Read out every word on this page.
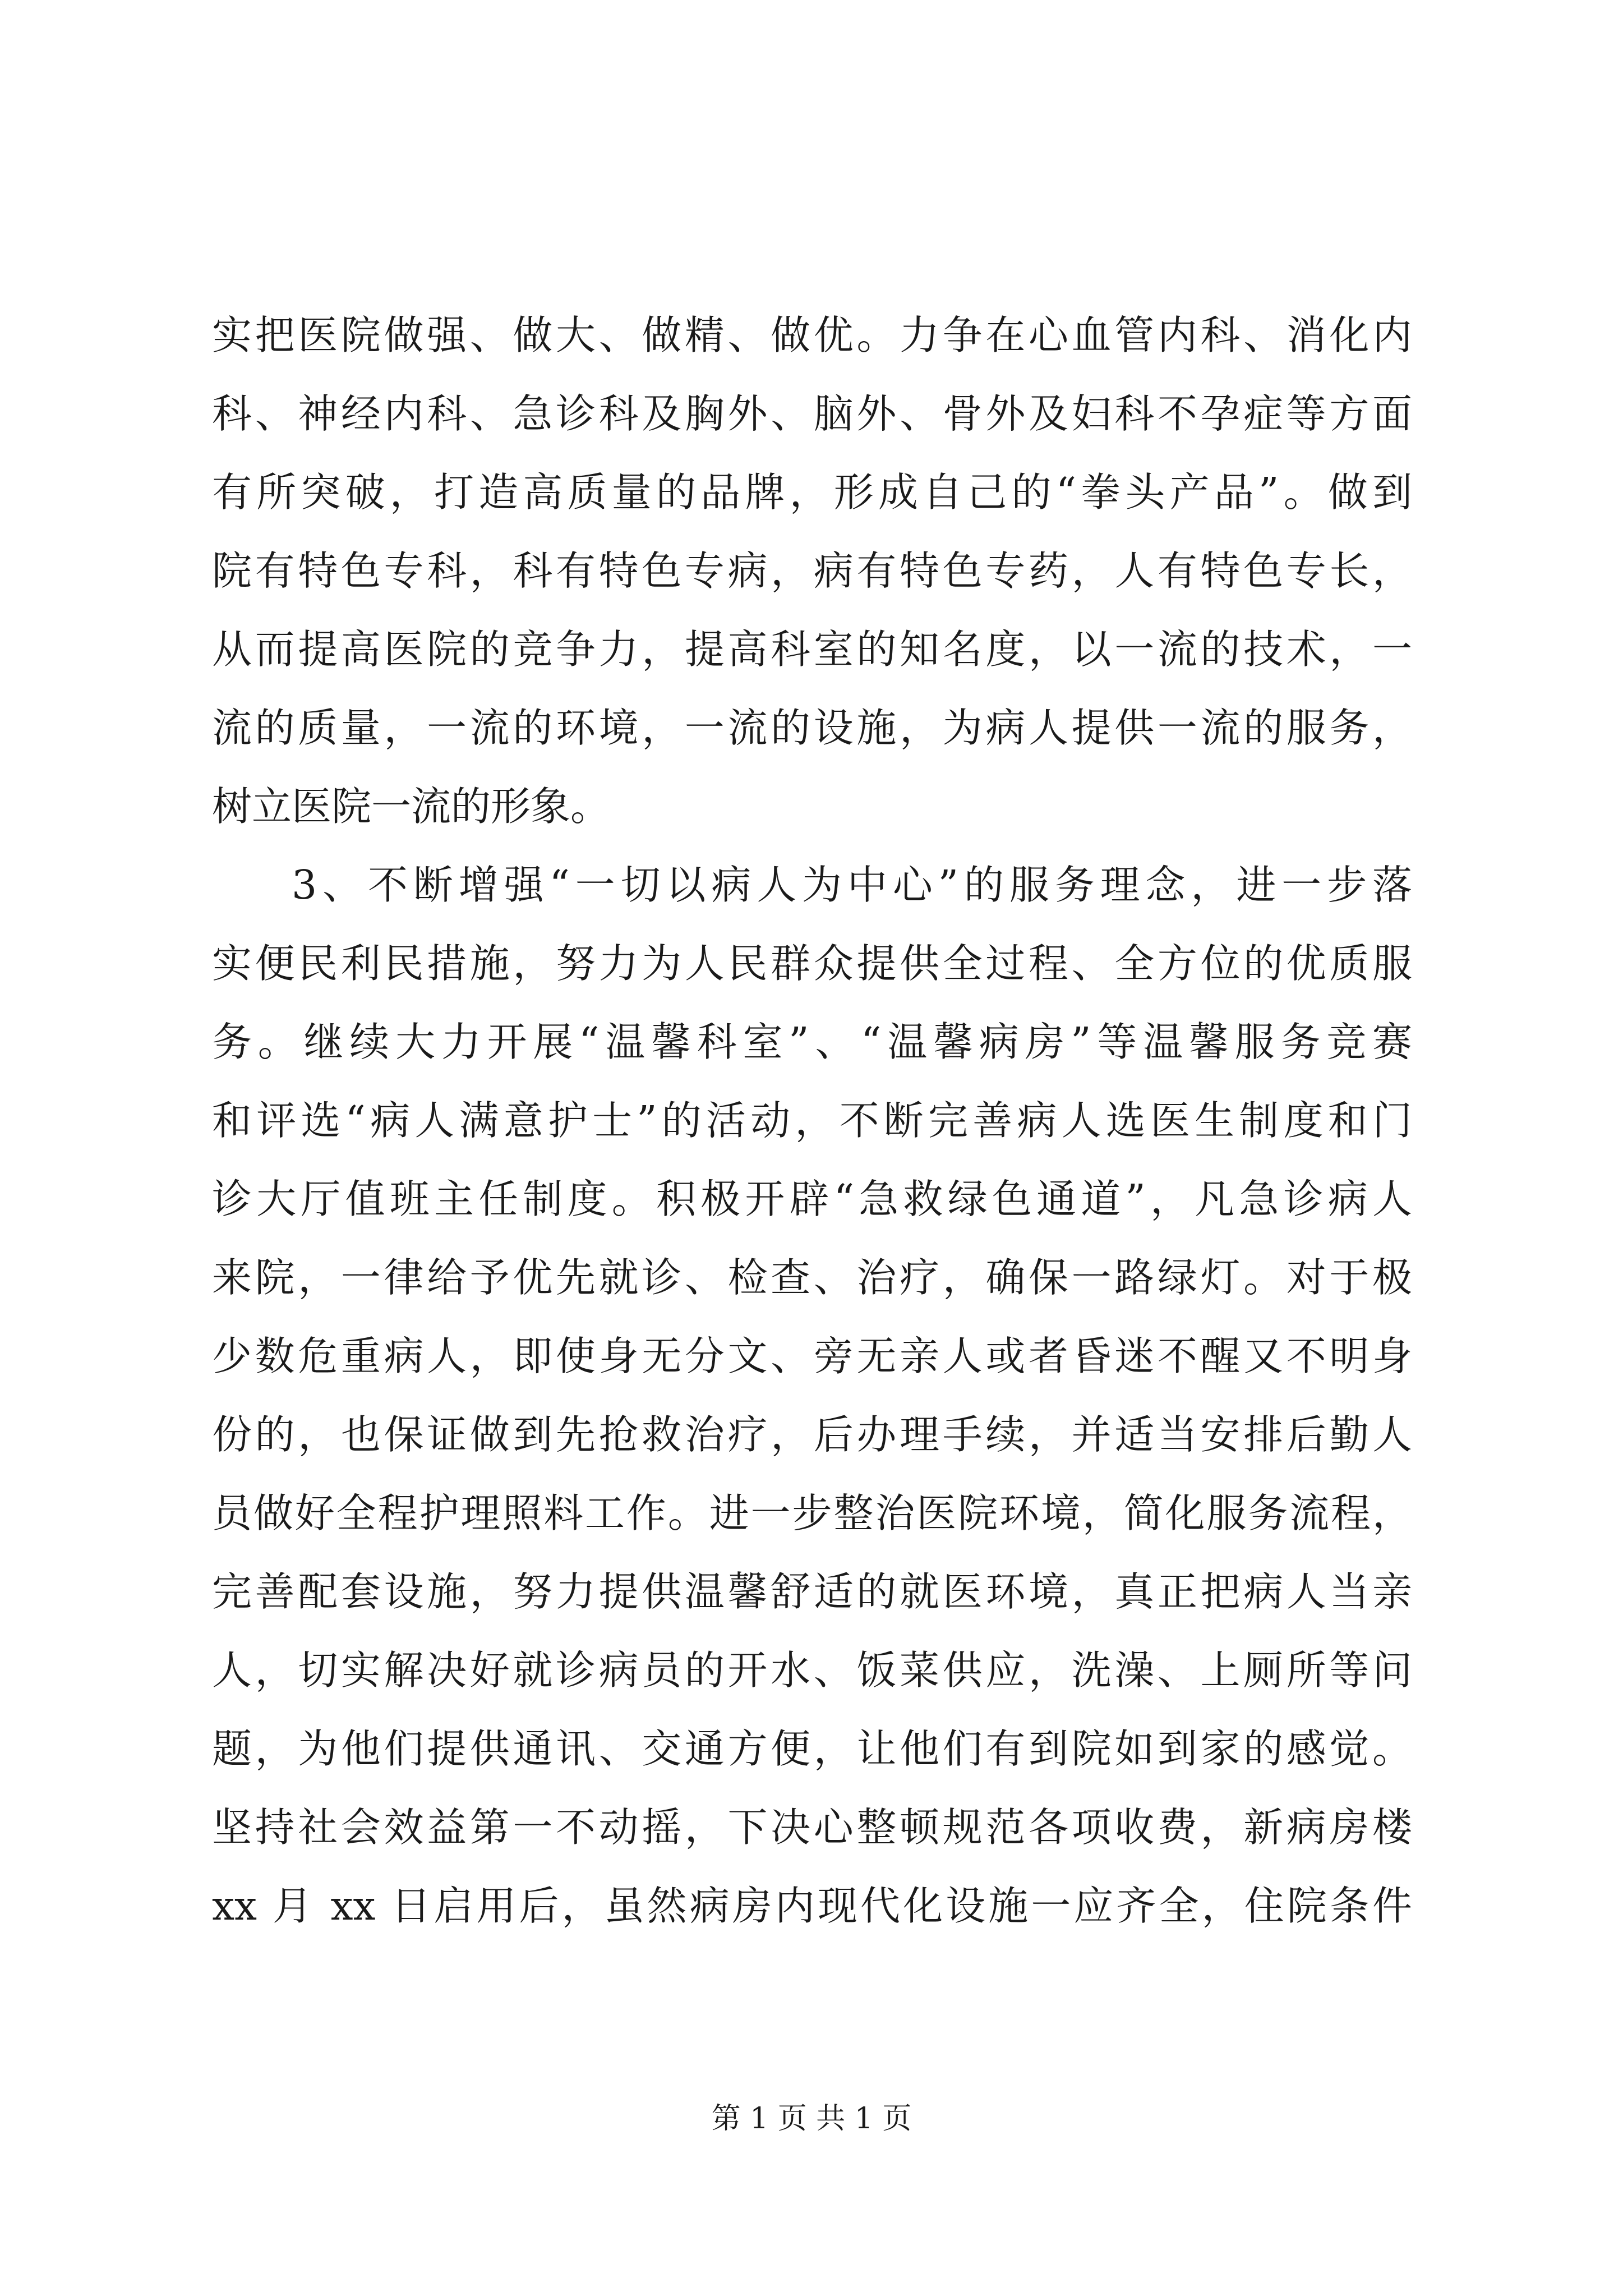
实把医院做强、做大、做精、做优。力争在心血管内科、消化内
科、神经内科、急诊科及胸外、脑外、骨外及妇科不孕症等方面
有所突破，打造高质量的品牌，形成自己的“拳头产品”。做到
院有特色专科，科有特色专病，病有特色专药，人有特色专长，
从而提高医院的竞争力，提高科室的知名度，以一流的技术，一
流的质量，一流的环境，一流的设施，为病人提供一流的服务，
树立医院一流的形象。
3、不断增强“一切以病人为中心”的服务理念，进一步落
实便民利民措施，努力为人民群众提供全过程、全方位的优质服
务。继续大力开展“温馨科室”、“温馨病房”等温馨服务竞赛
和评选“病人满意护士”的活动，不断完善病人选医生制度和门
诊大厅值班主任制度。积极开辟“急救绿色通道”，凡急诊病人
来院，一律给予优先就诊、检查、治疗，确保一路绿灯。对于极
少数危重病人，即使身无分文、旁无亲人或者昏迷不醒又不明身
份的，也保证做到先抢救治疗，后办理手续，并适当安排后勤人
员做好全程护理照料工作。进一步整治医院环境，简化服务流程，
完善配套设施，努力提供温馨舒适的就医环境，真正把病人当亲
人，切实解决好就诊病员的开水、饭菜供应，洗澡、上厕所等问
题，为他们提供通讯、交通方便，让他们有到院如到家的感觉。
坚持社会效益第一不动摇，下决心整顿规范各项收费，新病房楼
xx 月 xx 日启用后，虽然病房内现代化设施一应齐全，住院条件
第 1 页 共 1 页
